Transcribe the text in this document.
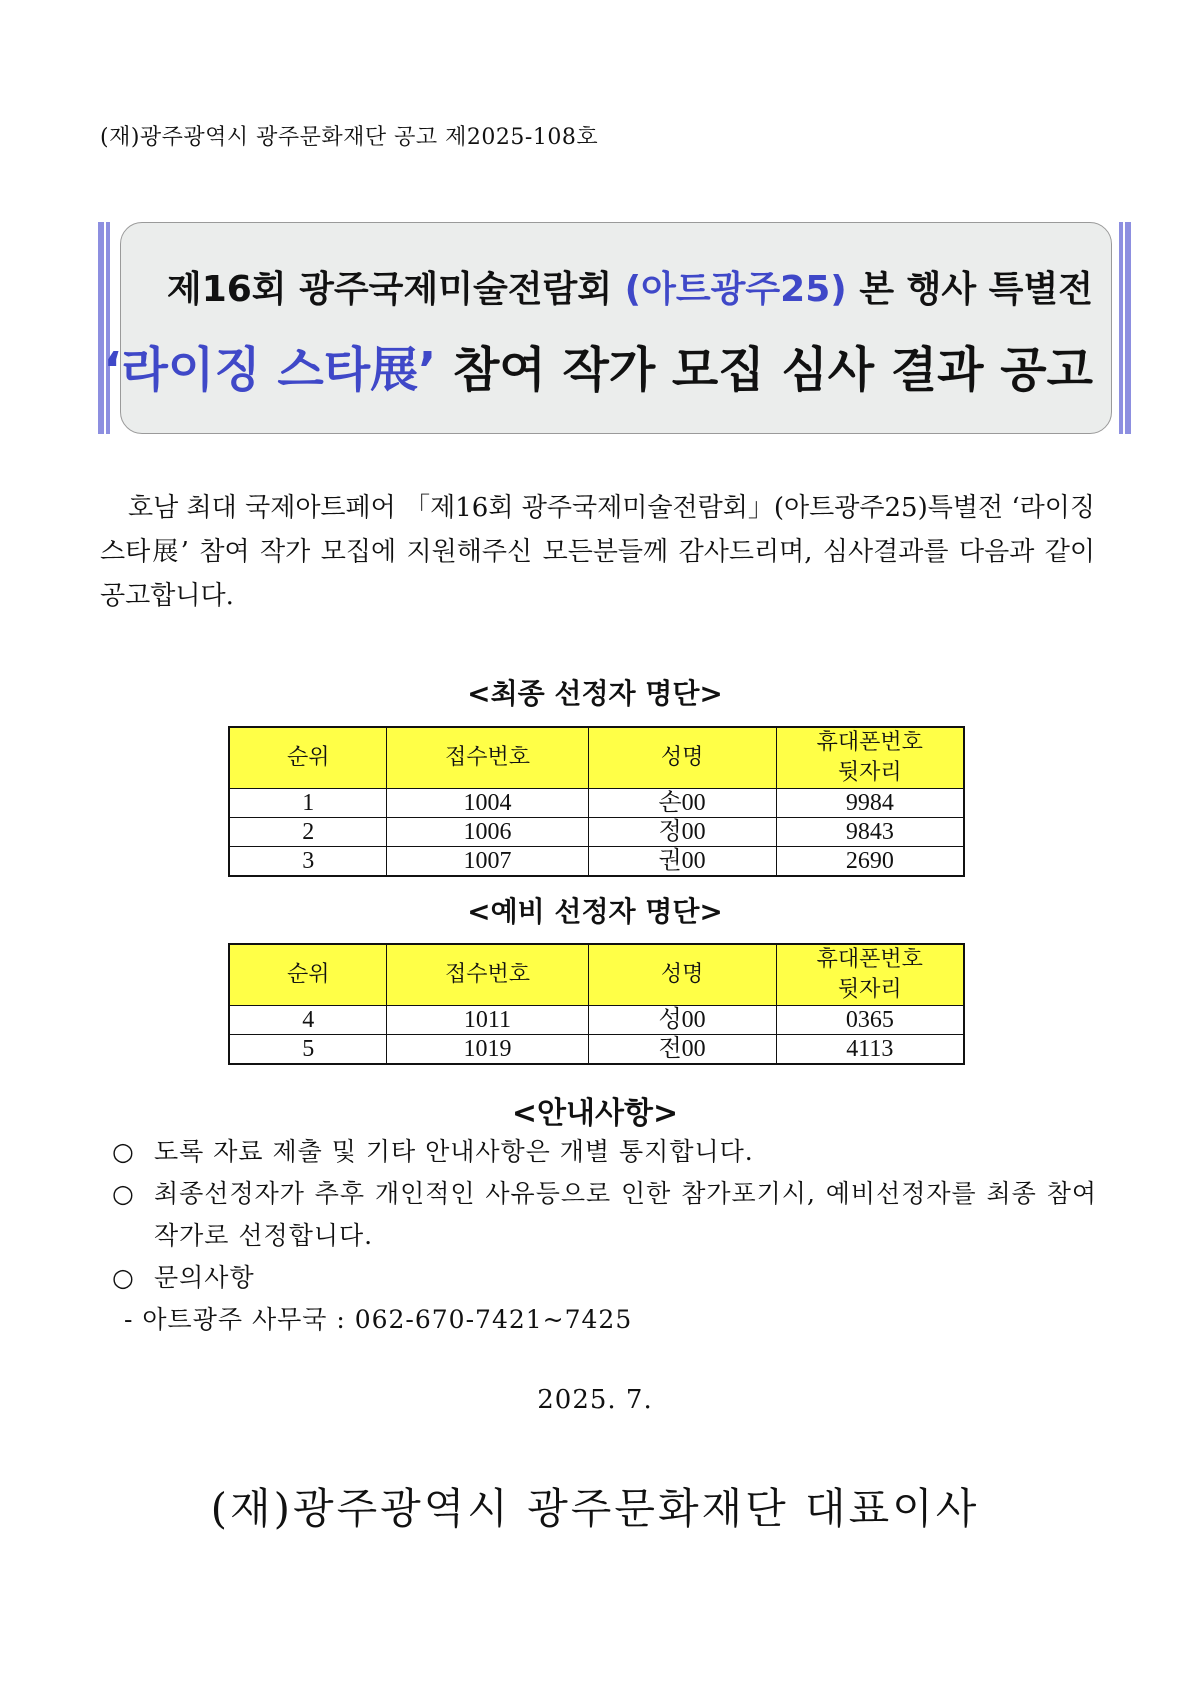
(재)광주광역시 광주문화재단 공고 제2025-108호
제16회 광주국제미술전람회 (아트광주25) 본 행사 특별전
‘라이징 스타展’ 참여 작가 모집 심사 결과 공고
호남 최대 국제아트페어 「제16회 광주국제미술전람회」(아트광주25)특별전 ‘라이징 스타展’ 참여 작가 모집에 지원해주신 모든분들께 감사드리며, 심사결과를 다음과 같이 공고합니다.
<최종 선정자 명단>
순위	접수번호	성명	휴대폰번호
뒷자리
1	1004	손00	9984
2	1006	정00	9843
3	1007	권00	2690
<예비 선정자 명단>
순위	접수번호	성명	휴대폰번호
뒷자리
4	1011	성00	0365
5	1019	전00	4113
<안내사항>
○ 도록 자료 제출 및 기타 안내사항은 개별 통지합니다.
○ 최종선정자가 추후 개인적인 사유등으로 인한 참가포기시, 예비선정자를 최종 참여 작가로 선정합니다.
○ 문의사항
- 아트광주 사무국 : 062-670-7421~7425
2025. 7.
(재)광주광역시 광주문화재단 대표이사
